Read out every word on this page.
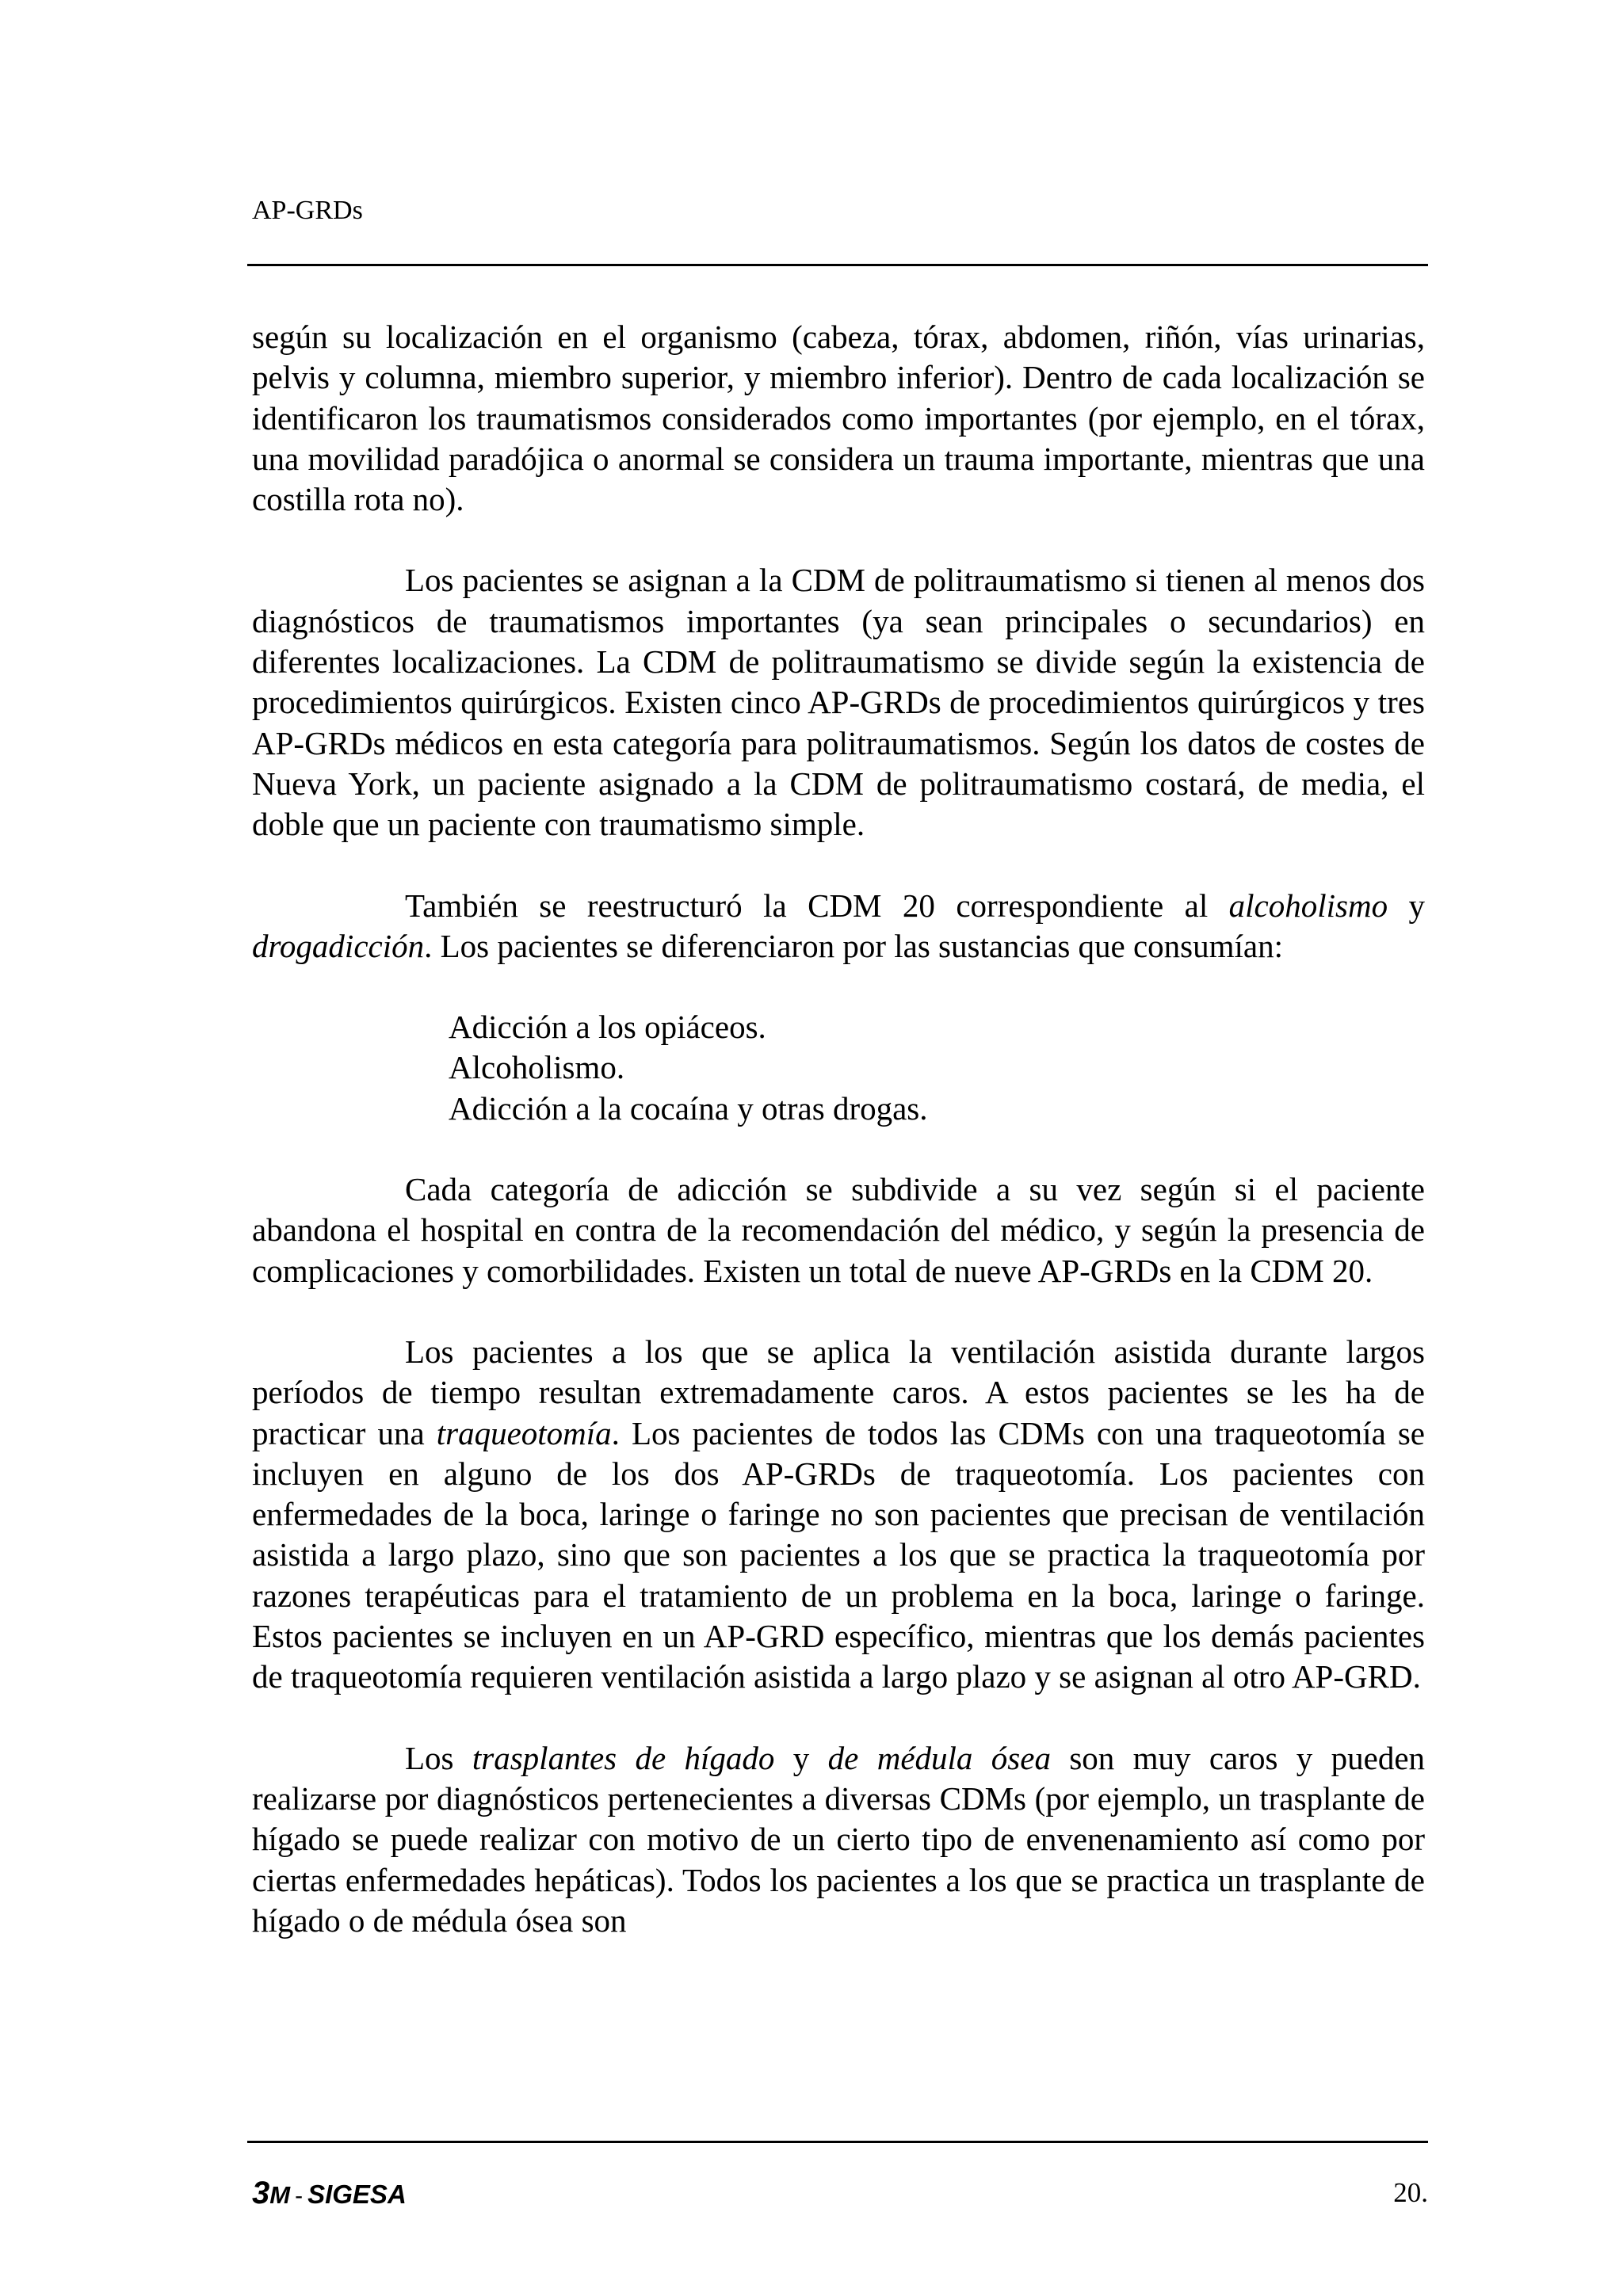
AP-GRDs

según su localización en el organismo (cabeza, tórax, abdomen, riñón, vías urinarias, pelvis y columna, miembro superior, y miembro inferior). Dentro de cada localización se identificaron los traumatismos considerados como importantes (por ejemplo, en el tórax, una movilidad paradójica o anormal se considera un trauma importante, mientras que una costilla rota no).

Los pacientes se asignan a la CDM de politraumatismo si tienen al menos dos diagnósticos de traumatismos importantes (ya sean principales o secundarios) en diferentes localizaciones. La CDM de politraumatismo se divide según la existencia de procedimientos quirúrgicos. Existen cinco AP-GRDs de procedimientos quirúrgicos y tres AP-GRDs médicos en esta categoría para politraumatismos. Según los datos de costes de Nueva York, un paciente asignado a la CDM de politraumatismo costará, de media, el doble que un paciente con traumatismo simple.

También se reestructuró la CDM 20 correspondiente al alcoholismo y drogadicción. Los pacientes se diferenciaron por las sustancias que consumían:

Adicción a los opiáceos.
Alcoholismo.
Adicción a la cocaína y otras drogas.

Cada categoría de adicción se subdivide a su vez según si el paciente abandona el hospital en contra de la recomendación del médico, y según la presencia de complicaciones y comorbilidades. Existen un total de nueve AP-GRDs en la CDM 20.

Los pacientes a los que se aplica la ventilación asistida durante largos períodos de tiempo resultan extremadamente caros. A estos pacientes se les ha de practicar una traqueotomía. Los pacientes de todos las CDMs con una traqueotomía se incluyen en alguno de los dos AP-GRDs de traqueotomía. Los pacientes con enfermedades de la boca, laringe o faringe no son pacientes que precisan de ventilación asistida a largo plazo, sino que son pacientes a los que se practica la traqueotomía por razones terapéuticas para el tratamiento de un problema en la boca, laringe o faringe. Estos pacientes se incluyen en un AP-GRD específico, mientras que los demás pacientes de traqueotomía requieren ventilación asistida a largo plazo y se asignan al otro AP-GRD.

Los trasplantes de hígado y de médula ósea son muy caros y pueden realizarse por diagnósticos pertenecientes a diversas CDMs (por ejemplo, un trasplante de hígado se puede realizar con motivo de un cierto tipo de envenenamiento así como por ciertas enfermedades hepáticas). Todos los pacientes a los que se practica un trasplante de hígado o de médula ósea son

3M - SIGESA	20.
